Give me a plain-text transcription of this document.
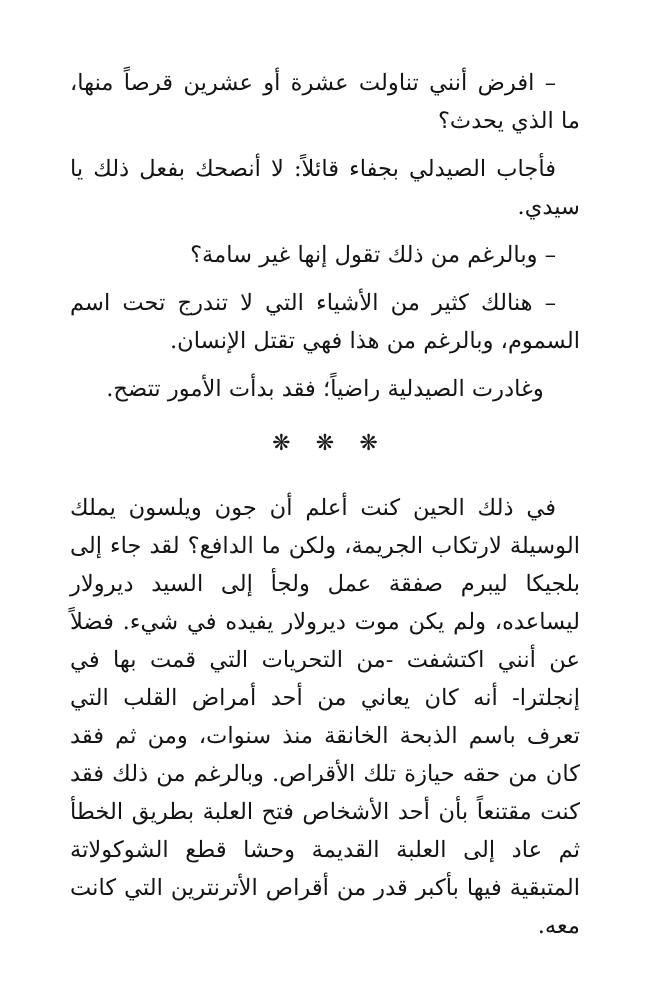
– افرض أنني تناولت عشرة أو عشرين قرصاً منها، ما الذي يحدث؟

فأجاب الصيدلي بجفاء قائلاً: لا أنصحك بفعل ذلك يا سيدي.

– وبالرغم من ذلك تقول إنها غير سامة؟

– هنالك كثير من الأشياء التي لا تندرج تحت اسم السموم، وبالرغم من هذا فهي تقتل الإنسان.

وغادرت الصيدلية راضياً؛ فقد بدأت الأمور تتضح.

❋ ❋ ❋

في ذلك الحين كنت أعلم أن جون ويلسون يملك الوسيلة لارتكاب الجريمة، ولكن ما الدافع؟ لقد جاء إلى بلجيكا ليبرم صفقة عمل ولجأ إلى السيد ديرولار ليساعده، ولم يكن موت ديرولار يفيده في شيء. فضلاً عن أنني اكتشفت -من التحريات التي قمت بها في إنجلترا- أنه كان يعاني من أحد أمراض القلب التي تعرف باسم الذبحة الخانقة منذ سنوات، ومن ثم فقد كان من حقه حيازة تلك الأقراص. وبالرغم من ذلك فقد كنت مقتنعاً بأن أحد الأشخاص فتح العلبة بطريق الخطأ ثم عاد إلى العلبة القديمة وحشا قطع الشوكولاتة المتبقية فيها بأكبر قدر من أقراص الأترنترين التي كانت معه.
